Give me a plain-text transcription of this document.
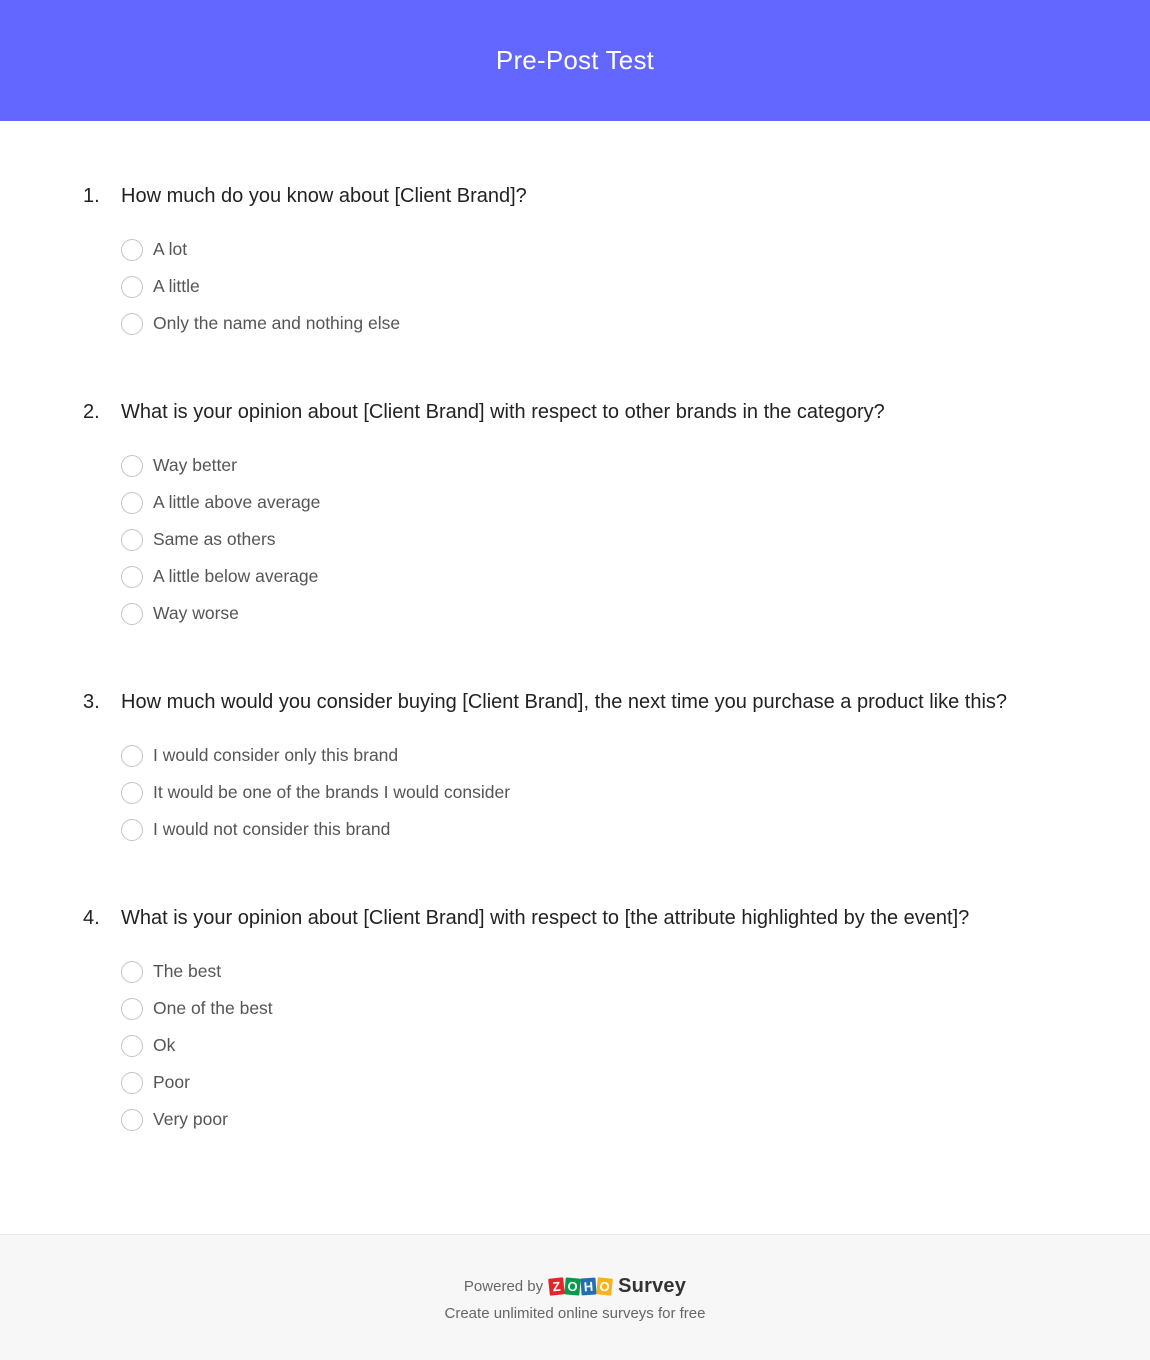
Pre-Post Test
1.	How much do you know about [Client Brand]?
A lot
A little
Only the name and nothing else
2.	What is your opinion about [Client Brand] with respect to other brands in the category?
Way better
A little above average
Same as others
A little below average
Way worse
3.	How much would you consider buying [Client Brand], the next time you purchase a product like this?
I would consider only this brand
It would be one of the brands I would consider
I would not consider this brand
4.	What is your opinion about [Client Brand] with respect to [the attribute highlighted by the event]?
The best
One of the best
Ok
Poor
Very poor
Powered by Z O H O Survey
Create unlimited online surveys for free
